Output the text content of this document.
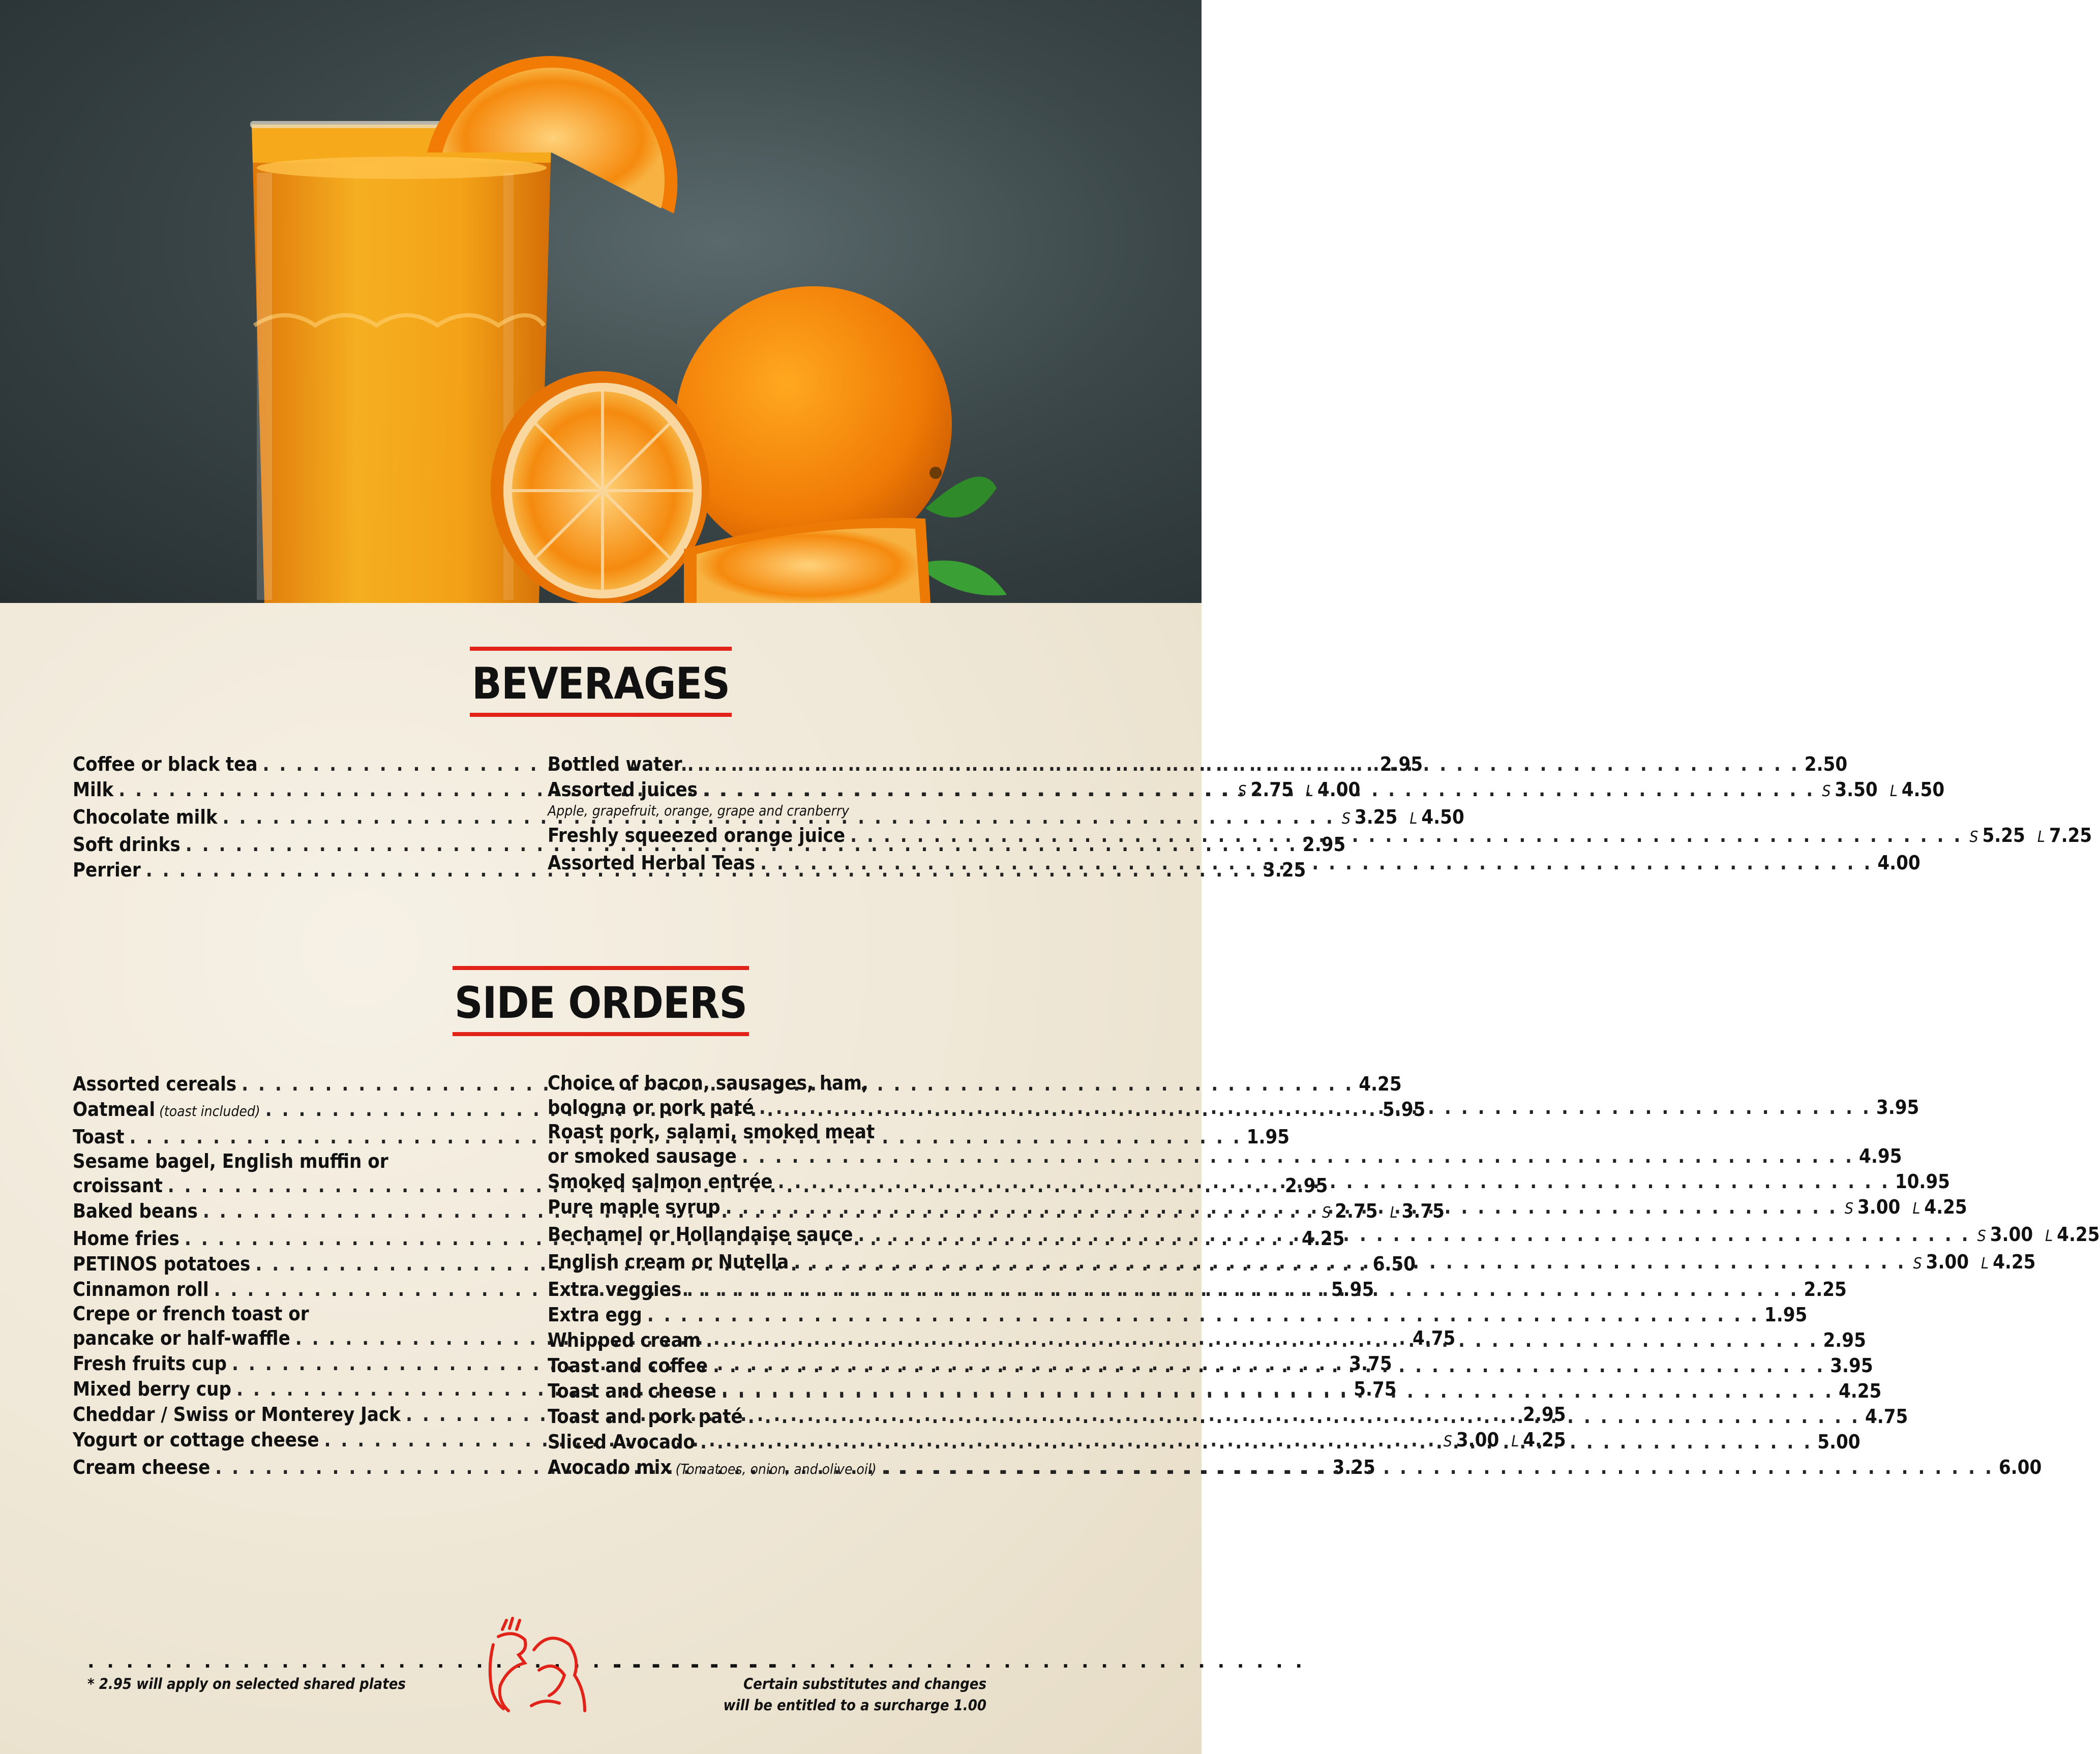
BEVERAGES
Coffee or black tea . . .	2.95
Milk . . .	S 2.75 L 4.00
Chocolate milk . . .	S 3.25 L 4.50
Soft drinks . . .	2.95
Perrier . . .	3.25
Bottled water . . .	2.50
Assorted juices . . .	S 3.50 L 4.50
Apple, grapefruit, orange, grape and cranberry
Freshly squeezed orange juice . . .	S 5.25 L 7.25
Assorted Herbal Teas . . .	4.00
SIDE ORDERS
Assorted cereals . . .	4.25
Oatmeal (toast included) . . .	5.95
Toast . . .	1.95
Sesame bagel, English muffin or
croissant . . .	2.95
Baked beans . . .	S 2.75 L 3.75
Home fries . . .	4.25
PETINOS potatoes . . .	6.50
Cinnamon roll . . .	5.95
Crepe or french toast or
pancake or half-waffle . . .	4.75
Fresh fruits cup . . .	3.75
Mixed berry cup . . .	5.75
Cheddar / Swiss or Monterey Jack . . .	2.95
Yogurt or cottage cheese . . .	S 3.00 L 4.25
Cream cheese . . .	3.25
Choice of bacon, sausages, ham,
bologna or pork paté . . .	3.95
Roast pork, salami, smoked meat
or smoked sausage . . .	4.95
Smoked salmon entrée . . .	10.95
Pure maple syrup . . .	S 3.00 L 4.25
Bechamel or Hollandaise sauce . . .	S 3.00 L 4.25
English cream or Nutella . . .	S 3.00 L 4.25
Extra veggies . . .	2.25
Extra egg . . .	1.95
Whipped cream . . .	2.95
Toast and coffee . . .	3.95
Toast and cheese . . .	4.25
Toast and pork paté . . .	4.75
Sliced Avocado . . .	5.00
Avocado mix (Tomatoes, onion, and olive oil) . . .	6.00
. . . . . . . . . . . . . . . . . . . . . . . . . . . . . . . . . . . .
. . . . . . . . . . . . . . . . . . . . . . . . . . . . . . . . . . . .
* 2.95 will apply on selected shared plates	Certain substitutes and changes
will be entitled to a surcharge 1.00
